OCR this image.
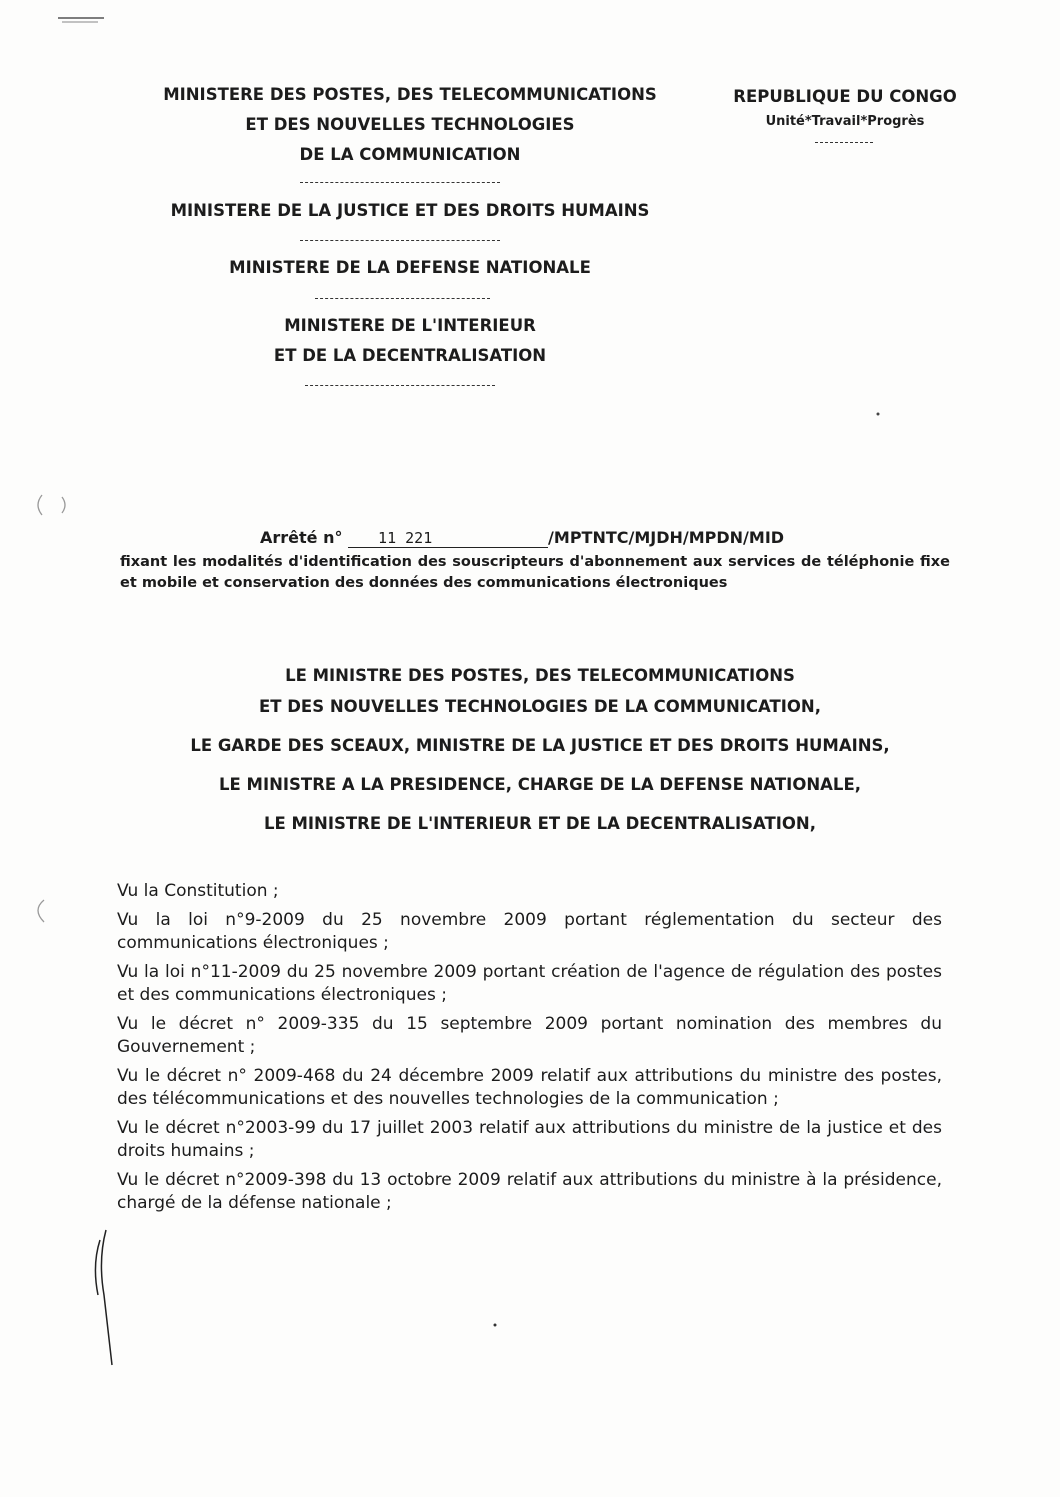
MINISTERE DES POSTES, DES TELECOMMUNICATIONS
ET DES NOUVELLES TECHNOLOGIES
DE LA COMMUNICATION
MINISTERE DE LA JUSTICE ET DES DROITS HUMAINS
MINISTERE DE LA DEFENSE NATIONALE
MINISTERE DE L'INTERIEUR
ET DE LA DECENTRALISATION
REPUBLIQUE DU CONGO
Unité*Travail*Progrès
Arrêté n° 11 221	/MPTNTC/MJDH/MPDN/MID
fixant les modalités d'identification des souscripteurs d'abonnement aux services de téléphonie fixe et mobile et conservation des données des communications électroniques
LE MINISTRE DES POSTES, DES TELECOMMUNICATIONS
ET DES NOUVELLES TECHNOLOGIES DE LA COMMUNICATION,
LE GARDE DES SCEAUX, MINISTRE DE LA JUSTICE ET DES DROITS HUMAINS,
LE MINISTRE A LA PRESIDENCE, CHARGE DE LA DEFENSE NATIONALE,
LE MINISTRE DE L'INTERIEUR ET DE LA DECENTRALISATION,

Vu la Constitution ;

Vu la loi n°9-2009 du 25 novembre 2009 portant réglementation du secteur des communications électroniques ;

Vu la loi n°11-2009 du 25 novembre 2009 portant création de l'agence de régulation des postes et des communications électroniques ;

Vu le décret n° 2009-335 du 15 septembre 2009 portant nomination des membres du Gouvernement ;

Vu le décret n° 2009-468 du 24 décembre 2009 relatif aux attributions du ministre des postes, des télécommunications et des nouvelles technologies de la communication ;

Vu le décret n°2003-99 du 17 juillet 2003 relatif aux attributions du ministre de la justice et des droits humains ;

Vu le décret n°2009-398 du 13 octobre 2009 relatif aux attributions du ministre à la présidence, chargé de la défense nationale ;
